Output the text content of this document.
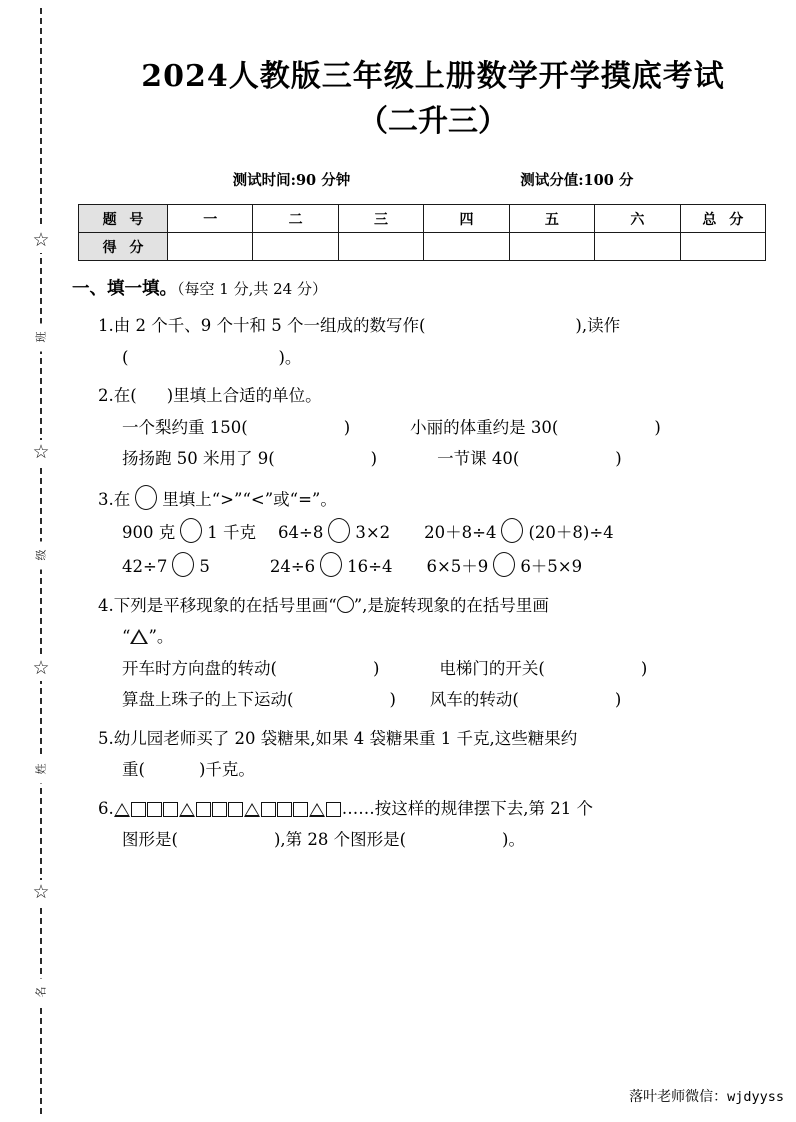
☆
班
☆
级
☆
姓
☆
名
2024人教版三年级上册数学开学摸底考试
（二升三）
测试时间:90 分钟	测试分值:100 分
题 号	一	二	三	四	五	六	总 分
得 分							
一、填一填。（每空 1 分,共 24 分）
1.由 2 个千、9 个十和 5 个一组成的数写作(	),读作
(	)。
2.在( )里填上合适的单位。
一个梨约重 150(	)	小丽的体重约是 30(	)
扬扬跑 50 米用了 9(	)	一节课 40(	)
3.在 里填上“>”“<”或“=”。
900 克 1 千克 64÷8 3×2 20＋8÷4 (20＋8)÷4
42÷7 5	24÷6 16÷4 6×5＋9 6＋5×9
4.下列是平移现象的在括号里画“ ”,是旋转现象的在括号里画
“ ”。
开车时方向盘的转动(	)	电梯门的开关(	)
算盘上珠子的上下运动(	) 风车的转动(	)
5.幼儿园老师买了 20 袋糖果,如果 4 袋糖果重 1 千克,这些糖果约
重(	)千克。
6.	……按这样的规律摆下去,第 21 个
图形是(	),第 28 个图形是(	)。
落叶老师微信：wjdyyss
